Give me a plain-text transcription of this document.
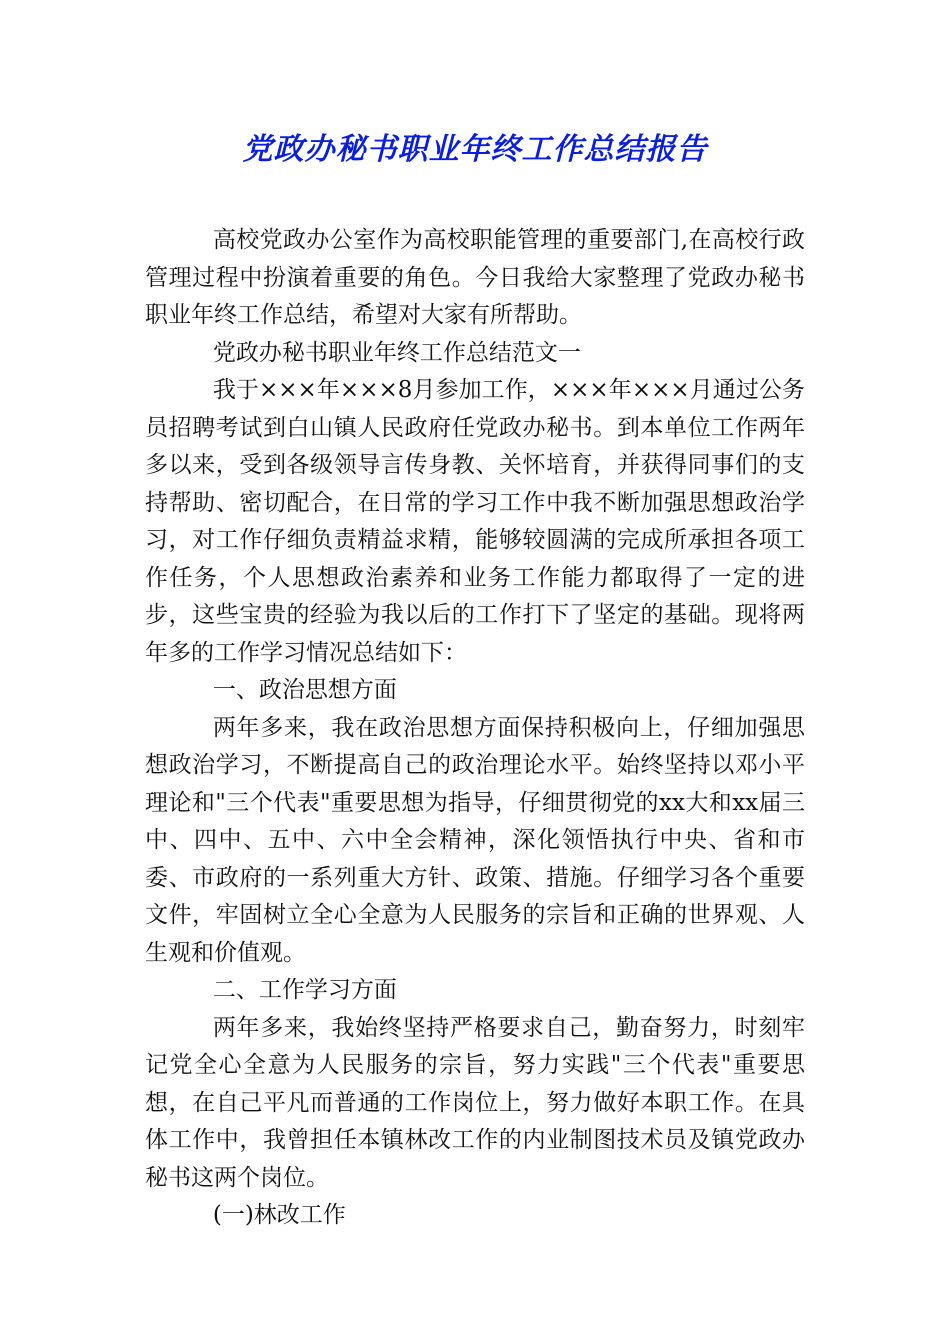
党政办秘书职业年终工作总结报告

高校党政办公室作为高校职能管理的重要部门,在高校行政管理过程中扮演着重要的角色。今日我给大家整理了党政办秘书职业年终工作总结，希望对大家有所帮助。

党政办秘书职业年终工作总结范文一

我于×××年×××8月参加工作，×××年×××月通过公务员招聘考试到白山镇人民政府任党政办秘书。到本单位工作两年多以来，受到各级领导言传身教、关怀培育，并获得同事们的支持帮助、密切配合，在日常的学习工作中我不断加强思想政治学习，对工作仔细负责精益求精，能够较圆满的完成所承担各项工作任务，个人思想政治素养和业务工作能力都取得了一定的进步，这些宝贵的经验为我以后的工作打下了坚定的基础。现将两年多的工作学习情况总结如下：

一、政治思想方面

两年多来，我在政治思想方面保持积极向上，仔细加强思想政治学习，不断提高自己的政治理论水平。始终坚持以邓小平理论和"三个代表"重要思想为指导，仔细贯彻党的xx大和xx届三中、四中、五中、六中全会精神，深化领悟执行中央、省和市委、市政府的一系列重大方针、政策、措施。仔细学习各个重要文件，牢固树立全心全意为人民服务的宗旨和正确的世界观、人生观和价值观。

二、工作学习方面

两年多来，我始终坚持严格要求自己，勤奋努力，时刻牢记党全心全意为人民服务的宗旨，努力实践"三个代表"重要思想，在自己平凡而普通的工作岗位上，努力做好本职工作。在具体工作中，我曾担任本镇林改工作的内业制图技术员及镇党政办秘书这两个岗位。

(一)林改工作
